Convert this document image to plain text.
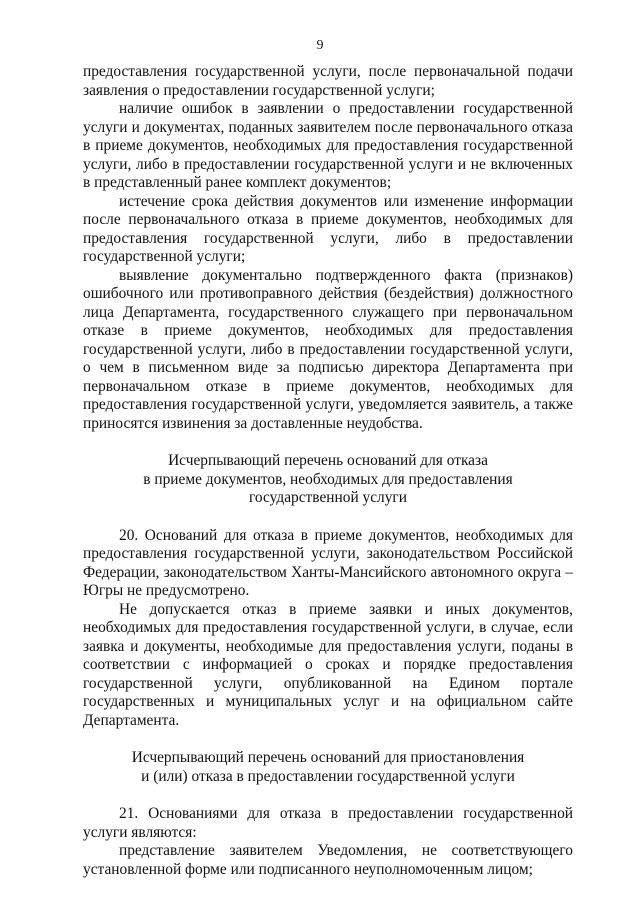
9

предоставления государственной услуги, после первоначальной подачи заявления о предоставлении государственной услуги;

наличие ошибок в заявлении о предоставлении государственной услуги и документах, поданных заявителем после первоначального отказа в приеме документов, необходимых для предоставления государственной услуги, либо в предоставлении государственной услуги и не включенных в представленный ранее комплект документов;

истечение срока действия документов или изменение информации после первоначального отказа в приеме документов, необходимых для предоставления государственной услуги, либо в предоставлении государственной услуги;

выявление документально подтвержденного факта (признаков) ошибочного или противоправного действия (бездействия) должностного лица Департамента, государственного служащего при первоначальном отказе в приеме документов, необходимых для предоставления государственной услуги, либо в предоставлении государственной услуги, о чем в письменном виде за подписью директора Департамента при первоначальном отказе в приеме документов, необходимых для предоставления государственной услуги, уведомляется заявитель, а также приносятся извинения за доставленные неудобства.

Исчерпывающий перечень оснований для отказа
в приеме документов, необходимых для предоставления
государственной услуги

20. Оснований для отказа в приеме документов, необходимых для предоставления государственной услуги, законодательством Российской Федерации, законодательством Ханты-Мансийского автономного округа – Югры не предусмотрено.

Не допускается отказ в приеме заявки и иных документов, необходимых для предоставления государственной услуги, в случае, если заявка и документы, необходимые для предоставления услуги, поданы в соответствии с информацией о сроках и порядке предоставления государственной услуги, опубликованной на Едином портале государственных и муниципальных услуг и на официальном сайте Департамента.

Исчерпывающий перечень оснований для приостановления
и (или) отказа в предоставлении государственной услуги

21. Основаниями для отказа в предоставлении государственной услуги являются:

представление заявителем Уведомления, не соответствующего установленной форме или подписанного неуполномоченным лицом;
